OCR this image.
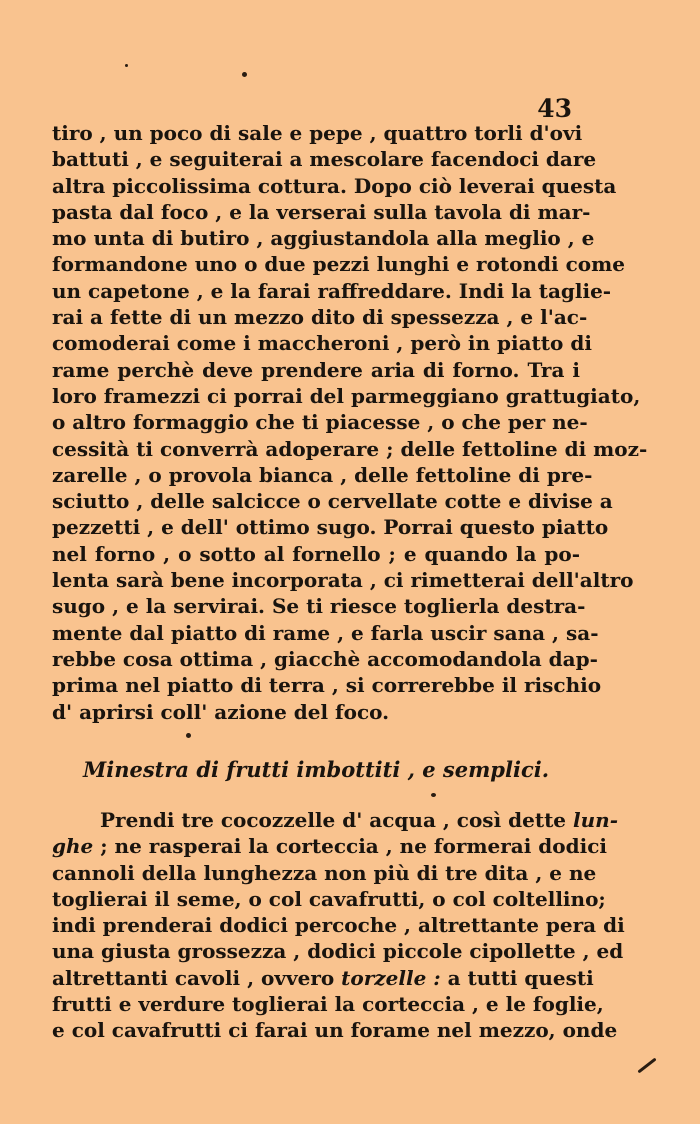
43
tiro , un poco di sale e pepe , quattro torli d'ovi
battuti , e seguiterai a mescolare facendoci dare
altra piccolissima cottura. Dopo ciò leverai questa
pasta dal foco , e la verserai sulla tavola di mar-
mo unta di butiro , aggiustandola alla meglio , e
formandone uno o due pezzi lunghi e rotondi come
un capetone , e la farai raffreddare. Indi la taglie-
rai a fette di un mezzo dito di spessezza , e l'ac-
comoderai come i maccheroni , però in piatto di
rame perchè deve prendere aria di forno. Tra i
loro framezzi ci porrai del parmeggiano grattugiato,
o altro formaggio che ti piacesse , o che per ne-
cessità ti converrà adoperare ; delle fettoline di moz-
zarelle , o provola bianca , delle fettoline di pre-
sciutto , delle salcicce o cervellate cotte e divise a
pezzetti , e dell' ottimo sugo. Porrai questo piatto
nel forno , o sotto al fornello ; e quando la po-
lenta sarà bene incorporata , ci rimetterai dell'altro
sugo , e la servirai. Se ti riesce toglierla destra-
mente dal piatto di rame , e farla uscir sana , sa-
rebbe cosa ottima , giacchè accomodandola dap-
prima nel piatto di terra , si correrebbe il rischio
d' aprirsi coll' azione del foco.
Minestra di frutti imbottiti , e semplici.
Prendi tre cocozzelle d' acqua , così dette lun-
ghe ; ne rasperai la corteccia , ne formerai dodici
cannoli della lunghezza non più di tre dita , e ne
toglierai il seme, o col cavafrutti, o col coltellino;
indi prenderai dodici percoche , altrettante pera di
una giusta grossezza , dodici piccole cipollette , ed
altrettanti cavoli , ovvero torzelle : a tutti questi
frutti e verdure toglierai la corteccia , e le foglie,
e col cavafrutti ci farai un forame nel mezzo, onde
